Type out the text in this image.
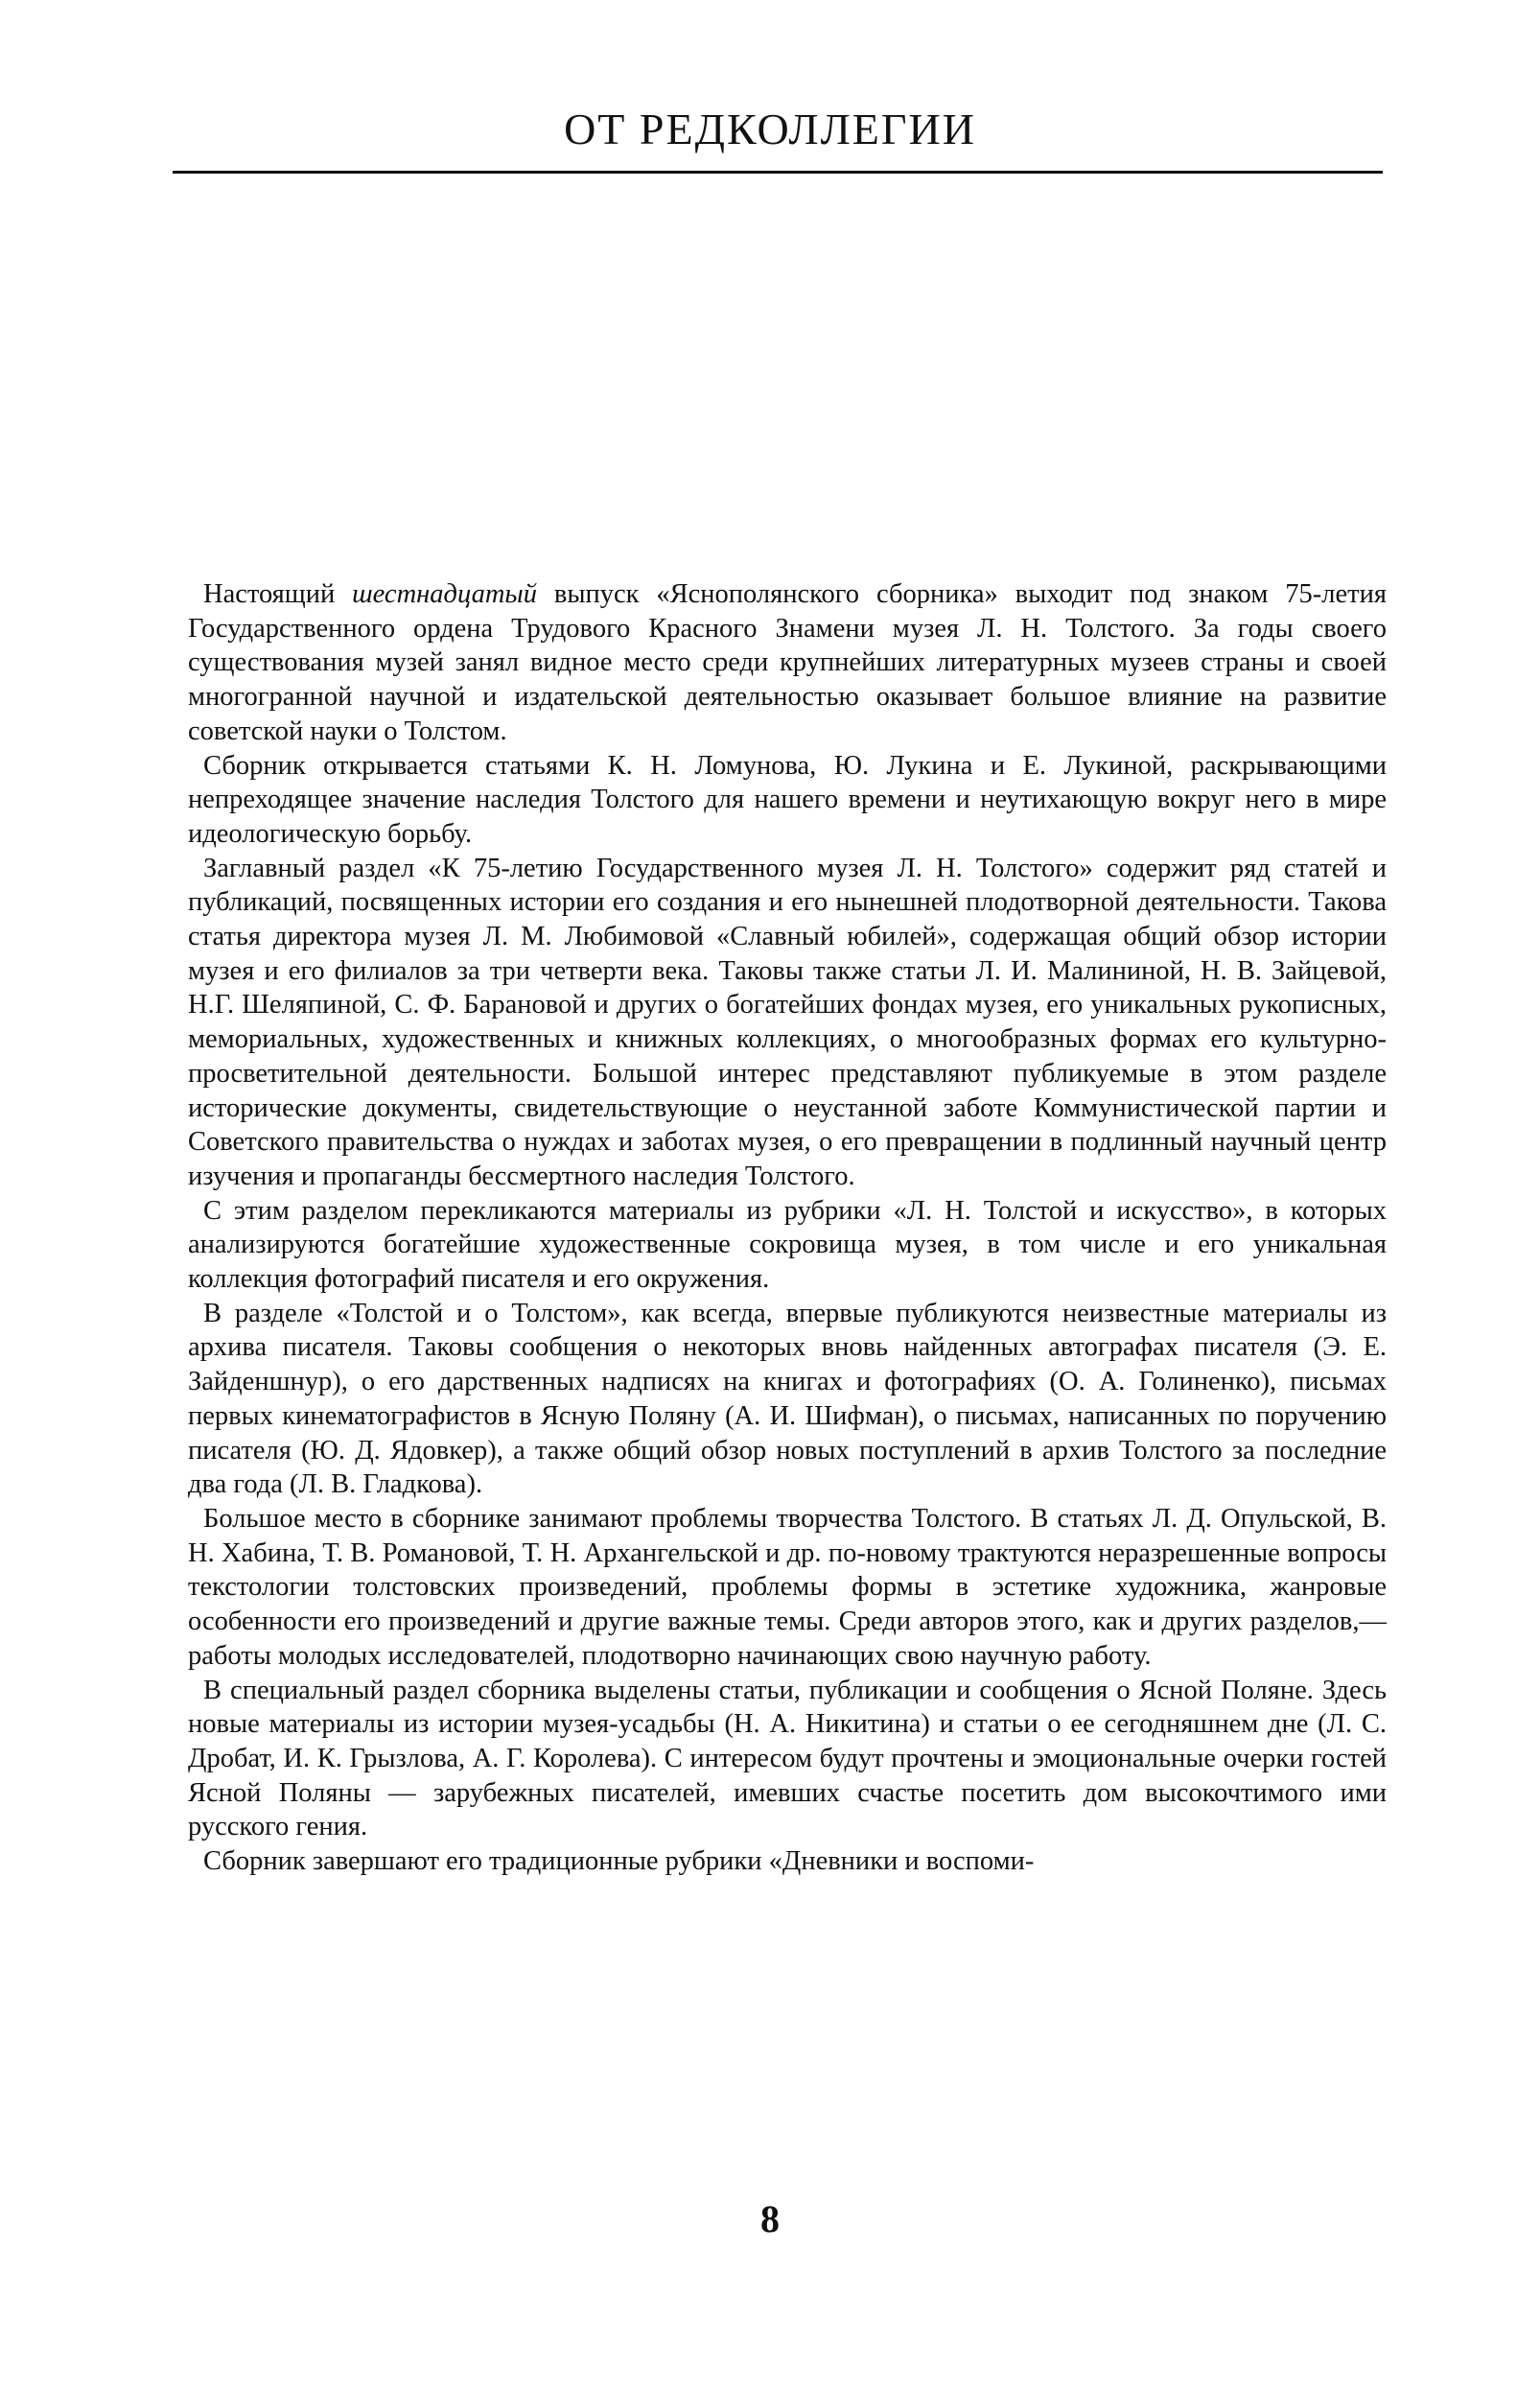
ОТ РЕДКОЛЛЕГИИ

Настоящий шестнадцатый выпуск «Яснополянского сборника» выходит под знаком 75-летия Государственного ордена Трудового Красного Знамени музея Л. Н. Толстого. За годы своего существования музей занял видное место среди крупнейших литературных музеев страны и своей многогранной научной и издательской деятельностью оказывает большое влияние на развитие советской науки о Толстом.

Сборник открывается статьями К. Н. Ломунова, Ю. Лукина и Е. Лукиной, раскрывающими непреходящее значение наследия Толстого для нашего времени и неутихающую вокруг него в мире идеологическую борьбу.

Заглавный раздел «К 75-летию Государственного музея Л. Н. Толстого» содержит ряд статей и публикаций, посвященных истории его создания и его нынешней плодотворной деятельности. Такова статья директора музея Л. М. Любимовой «Славный юбилей», содержащая общий обзор истории музея и его филиалов за три четверти века. Таковы также статьи Л. И. Малининой, Н. В. Зайцевой, Н.Г. Шеляпиной, С. Ф. Барановой и других о богатейших фондах музея, его уникальных рукописных, мемориальных, художественных и книжных коллекциях, о многообразных формах его культурно-просветительной деятельности. Большой интерес представляют публикуемые в этом разделе исторические документы, свидетельствующие о неустанной заботе Коммунистической партии и Советского правительства о нуждах и заботах музея, о его превращении в подлинный научный центр изучения и пропаганды бессмертного наследия Толстого.

С этим разделом перекликаются материалы из рубрики «Л. Н. Толстой и искусство», в которых анализируются богатейшие художественные сокровища музея, в том числе и его уникальная коллекция фотографий писателя и его окружения.

В разделе «Толстой и о Толстом», как всегда, впервые публикуются неизвестные материалы из архива писателя. Таковы сообщения о некоторых вновь найденных автографах писателя (Э. Е. Зайденшнур), о его дарственных надписях на книгах и фотографиях (О. А. Голиненко), письмах первых кинематографистов в Ясную Поляну (А. И. Шифман), о письмах, написанных по поручению писателя (Ю. Д. Ядовкер), а также общий обзор новых поступлений в архив Толстого за последние два года (Л. В. Гладкова).

Большое место в сборнике занимают проблемы творчества Толстого. В статьях Л. Д. Опульской, В. Н. Хабина, Т. В. Романовой, Т. Н. Архангельской и др. по-новому трактуются неразрешенные вопросы текстологии толстовских произведений, проблемы формы в эстетике художника, жанровые особенности его произведений и другие важные темы. Среди авторов этого, как и других разделов,— работы молодых исследователей, плодотворно начинающих свою научную работу.

В специальный раздел сборника выделены статьи, публикации и сообщения о Ясной Поляне. Здесь новые материалы из истории музея-усадьбы (Н. А. Никитина) и статьи о ее сегодняшнем дне (Л. С. Дробат, И. К. Грызлова, А. Г. Королева). С интересом будут прочтены и эмоциональные очерки гостей Ясной Поляны — зарубежных писателей, имевших счастье посетить дом высокочтимого ими русского гения.

Сборник завершают его традиционные рубрики «Дневники и воспоми-

8
